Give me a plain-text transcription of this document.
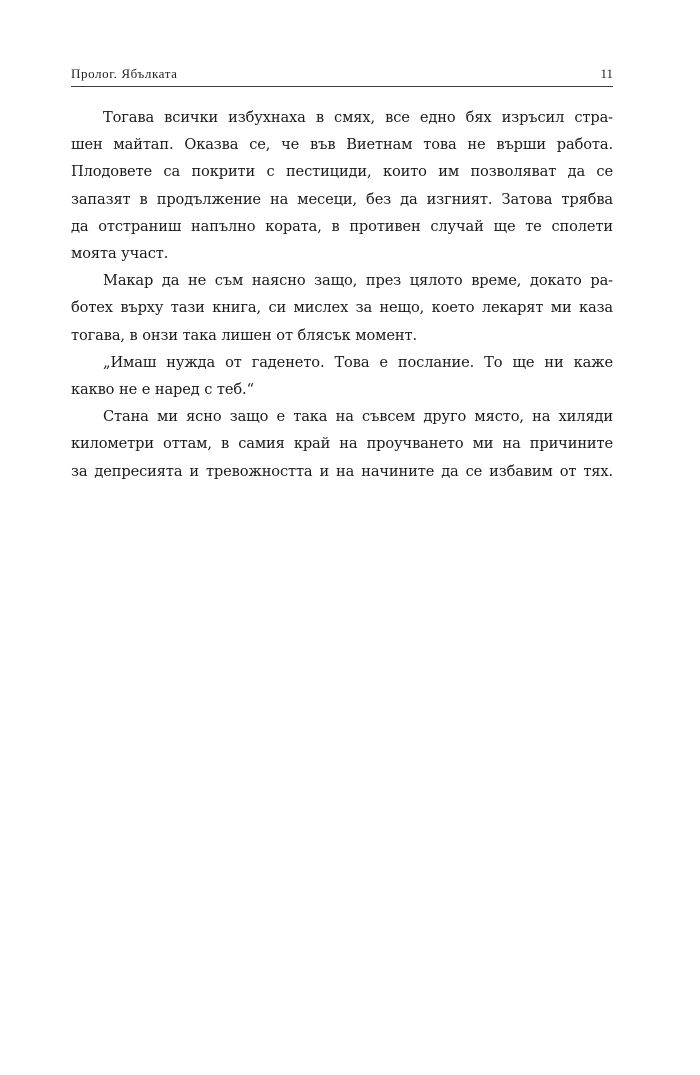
Пролог. Ябълката	11

Тогава всички избухнаха в смях, все едно бях изръсил стра-
шен майтап. Оказва се, че във Виетнам това не върши работа.
Плодовете са покрити с пестициди, които им позволяват да се
запазят в продължение на месеци, без да изгният. Затова трябва
да отстраниш напълно кората, в противен случай ще те сполети
моята участ.

Макар да не съм наясно защо, през цялото време, докато ра-
ботех върху тази книга, си мислех за нещо, което лекарят ми каза
тогава, в онзи така лишен от блясък момент.

„Имаш нужда от гаденето. Това е послание. То ще ни каже
какво не е наред с теб.“

Стана ми ясно защо е така на съвсем друго място, на хиляди
километри оттам, в самия край на проучването ми на причините
за депресията и тревожността и на начините да се избавим от тях.
